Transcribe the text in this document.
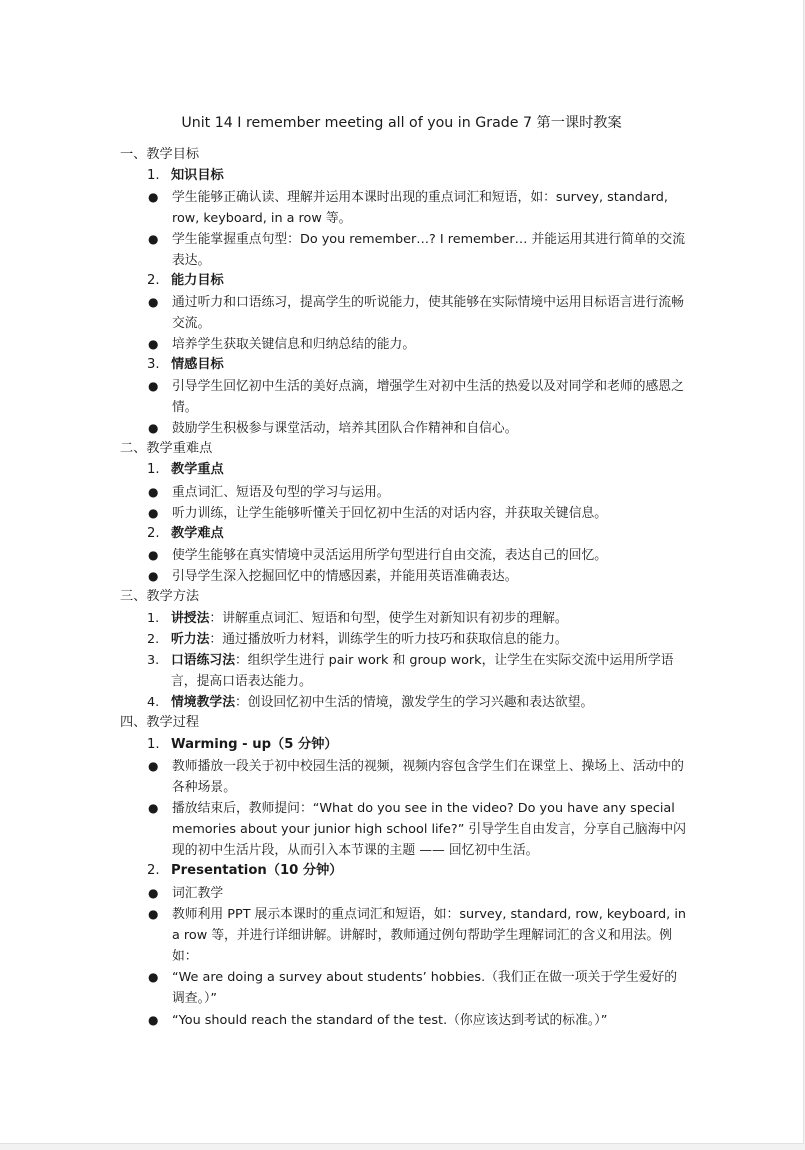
Unit 14 I remember meeting all of you in Grade 7 第一课时教案
一、教学目标
1. 知识目标
● 学生能够正确认读、理解并运用本课时出现的重点词汇和短语，如：survey, standard, row, keyboard, in a row 等。
● 学生能掌握重点句型：Do you remember…? I remember… 并能运用其进行简单的交流表达。
2. 能力目标
● 通过听力和口语练习，提高学生的听说能力，使其能够在实际情境中运用目标语言进行流畅交流。
● 培养学生获取关键信息和归纳总结的能力。
3. 情感目标
● 引导学生回忆初中生活的美好点滴，增强学生对初中生活的热爱以及对同学和老师的感恩之情。
● 鼓励学生积极参与课堂活动，培养其团队合作精神和自信心。
二、教学重难点
1. 教学重点
● 重点词汇、短语及句型的学习与运用。
● 听力训练，让学生能够听懂关于回忆初中生活的对话内容，并获取关键信息。
2. 教学难点
● 使学生能够在真实情境中灵活运用所学句型进行自由交流，表达自己的回忆。
● 引导学生深入挖掘回忆中的情感因素，并能用英语准确表达。
三、教学方法
1. 讲授法：讲解重点词汇、短语和句型，使学生对新知识有初步的理解。
2. 听力法：通过播放听力材料，训练学生的听力技巧和获取信息的能力。
3. 口语练习法：组织学生进行 pair work 和 group work，让学生在实际交流中运用所学语言，提高口语表达能力。
4. 情境教学法：创设回忆初中生活的情境，激发学生的学习兴趣和表达欲望。
四、教学过程
1. Warming - up（5 分钟）
● 教师播放一段关于初中校园生活的视频，视频内容包含学生们在课堂上、操场上、活动中的各种场景。
● 播放结束后，教师提问：“What do you see in the video? Do you have any special memories about your junior high school life?” 引导学生自由发言，分享自己脑海中闪现的初中生活片段，从而引入本节课的主题 —— 回忆初中生活。
2. Presentation（10 分钟）
● 词汇教学
● 教师利用 PPT 展示本课时的重点词汇和短语，如：survey, standard, row, keyboard, in a row 等，并进行详细讲解。讲解时，教师通过例句帮助学生理解词汇的含义和用法。例如：
● “We are doing a survey about students’ hobbies.（我们正在做一项关于学生爱好的调查。）”
● “You should reach the standard of the test.（你应该达到考试的标准。）”
